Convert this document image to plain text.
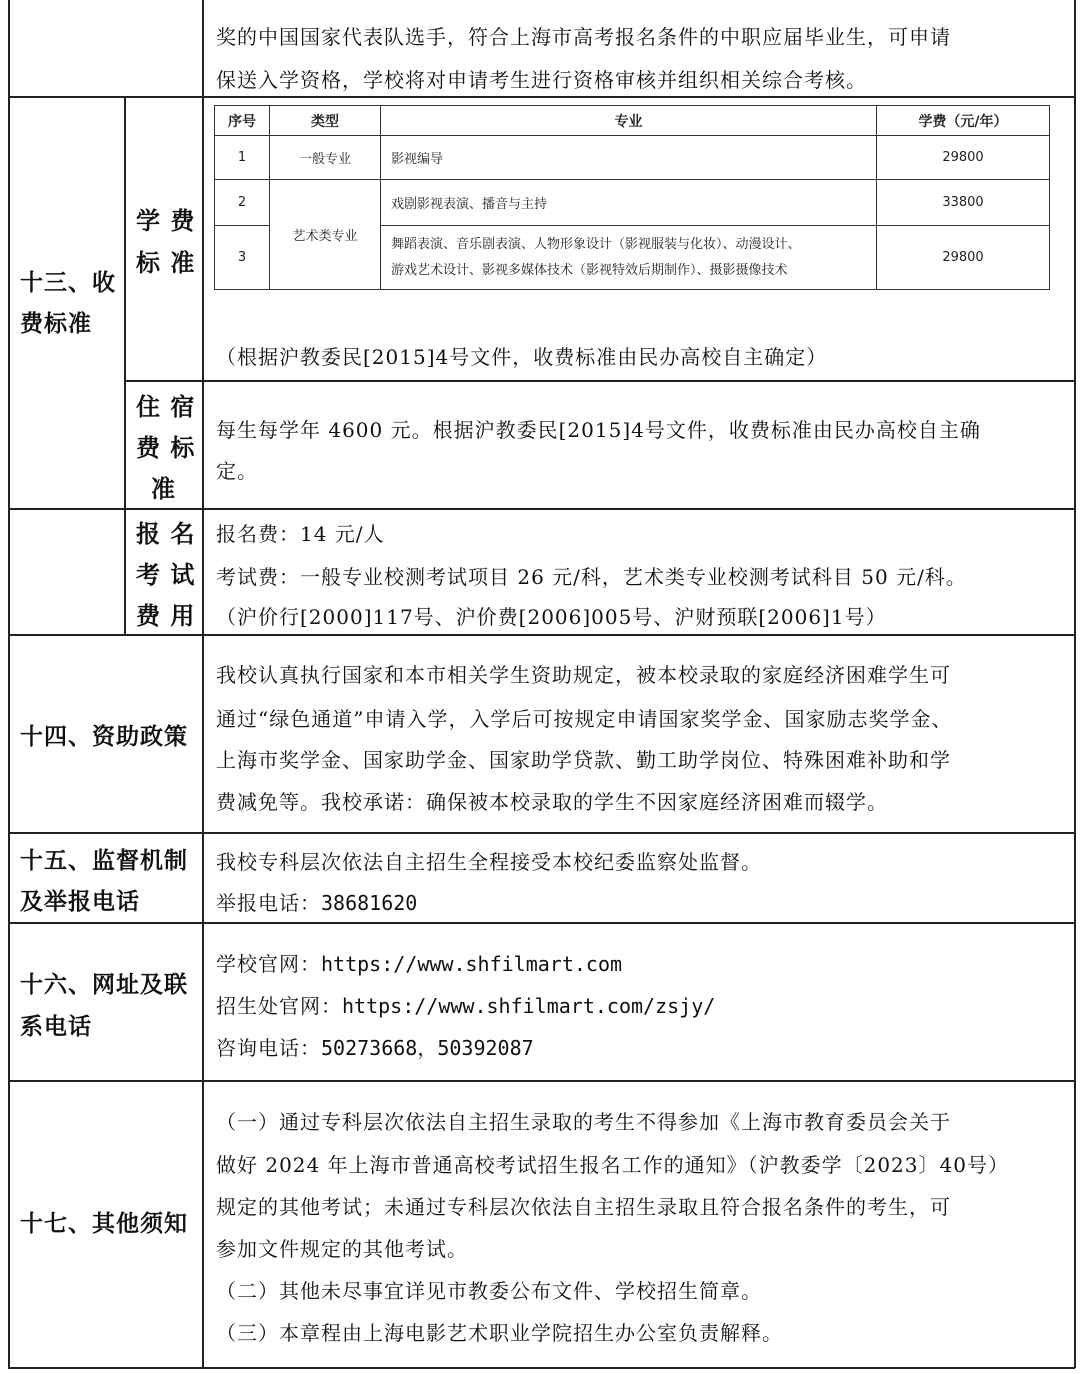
奖的中国国家代表队选手，符合上海市高考报名条件的中职应届毕业生，可申请
保送入学资格，学校将对申请考生进行资格审核并组织相关综合考核。
十三、收
费标准
学 费
标 准
序号	类型	专业	学费（元/年）
1	一般专业	影视编导	29800
2	艺术类专业	戏剧影视表演、播音与主持	33800
3		舞蹈表演、音乐剧表演、人物形象设计（影视服装与化妆）、动漫设计、
游戏艺术设计、影视多媒体技术（影视特效后期制作）、摄影摄像技术	29800
（根据沪教委民[2015]4号文件，收费标准由民办高校自主确定）
住 宿
费 标
准
每生每学年 4600 元。根据沪教委民[2015]4号文件，收费标准由民办高校自主确
定。
报 名
考 试
费 用
报名费：14 元/人
考试费：一般专业校测考试项目 26 元/科，艺术类专业校测考试科目 50 元/科。
（沪价行[2000]117号、沪价费[2006]005号、沪财预联[2006]1号）
十四、资助政策
我校认真执行国家和本市相关学生资助规定，被本校录取的家庭经济困难学生可
通过“绿色通道”申请入学，入学后可按规定申请国家奖学金、国家励志奖学金、
上海市奖学金、国家助学金、国家助学贷款、勤工助学岗位、特殊困难补助和学
费减免等。我校承诺：确保被本校录取的学生不因家庭经济困难而辍学。
十五、监督机制
及举报电话
我校专科层次依法自主招生全程接受本校纪委监察处监督。
举报电话：38681620
十六、网址及联
系电话
学校官网：https://www.shfilmart.com
招生处官网：https://www.shfilmart.com/zsjy/
咨询电话：50273668，50392087
十七、其他须知
（一）通过专科层次依法自主招生录取的考生不得参加《上海市教育委员会关于
做好 2024 年上海市普通高校考试招生报名工作的通知》（沪教委学〔2023〕40号）
规定的其他考试；未通过专科层次依法自主招生录取且符合报名条件的考生，可
参加文件规定的其他考试。
（二）其他未尽事宜详见市教委公布文件、学校招生简章。
（三）本章程由上海电影艺术职业学院招生办公室负责解释。
